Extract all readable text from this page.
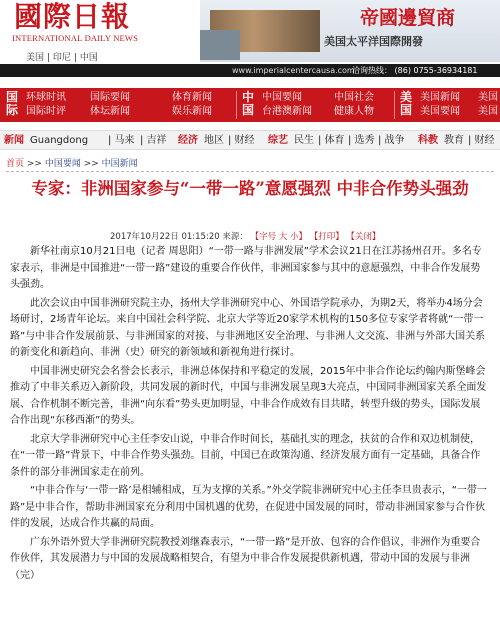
國際日報
INTERNATIONAL DAILY NEWS
美国 | 印尼 | 中国
帝國邊貿商
美国太平洋国際開發
www.imperialcentercausa.com
洽询热线： (86) 0755-36934181
国际
环球时讯
国际时评
国际要闻
体坛新闻
体育新闻
娱乐新闻
中国
中国要闻
台港澳新闻
中国社会
健康人物
美国
美国新闻
美国要闻
美国
美国
新闻 Guangdong | 马来 | 吉祥 经济 地区 | 财经 综艺 民生 | 体育 | 选秀 | 战争 科教 教育 | 财经
首页 >> 中国要闻 >> 中国新闻
专家：非洲国家参与“一带一路”意愿强烈 中非合作势头强劲
2017年10月22日 01:15:20 来源： 【字号 大 小】 【打印】 【关闭】

新华社南京10月21日电（记者 周思阳）“一带一路与非洲发展”学术会议21日在江苏扬州召开。多名专家表示，非洲是中国推进“一带一路”建设的重要合作伙伴，非洲国家参与其中的意愿强烈，中非合作发展势头强劲。

此次会议由中国非洲研究院主办，扬州大学非洲研究中心、外国语学院承办，为期2天，将举办4场分会场研讨，2场青年论坛。来自中国社会科学院、北京大学等近20家学术机构的150多位专家学者将就“一带一路”与中非合作发展前景、与非洲国家的对接、与非洲地区安全治理、与非洲人文交流、非洲与外部大国关系的新变化和新趋向、非洲（史）研究的新领域和新视角进行探讨。

中国非洲史研究会名誉会长表示，非洲总体保持和平稳定的发展，2015年中非合作论坛约翰内斯堡峰会推动了中非关系迈入新阶段，共同发展的新时代，中国与非洲发展呈现3大亮点，中国同非洲国家关系全面发展、合作机制不断完善，非洲“向东看”势头更加明显，中非合作成效有目共睹，转型升级的势头，国际发展合作出现“东移西渐”的势头。

北京大学非洲研究中心主任李安山说，中非合作时间长，基础扎实的理念，扶贫的合作和双边机制使，在“一带一路”背景下，中非合作势头强劲。目前，中国已在政策沟通、经济发展方面有一定基础，具备合作条件的部分非洲国家走在前列。

“中非合作与‘一带一路’是相辅相成，互为支撑的关系。”外交学院非洲研究中心主任李旦贵表示，“一带一路”是中非合作，帮助非洲国家充分利用中国机遇的优势，在促进中国发展的同时，带动非洲国家参与合作伙伴的发展，达成合作共赢的局面。

广东外语外贸大学非洲研究院教授刘继森表示，“一带一路”是开放、包容的合作倡议，非洲作为重要合作伙伴，其发展潜力与中国的发展战略相契合，有望为中非合作发展提供新机遇，带动中国的发展与非洲（完）
